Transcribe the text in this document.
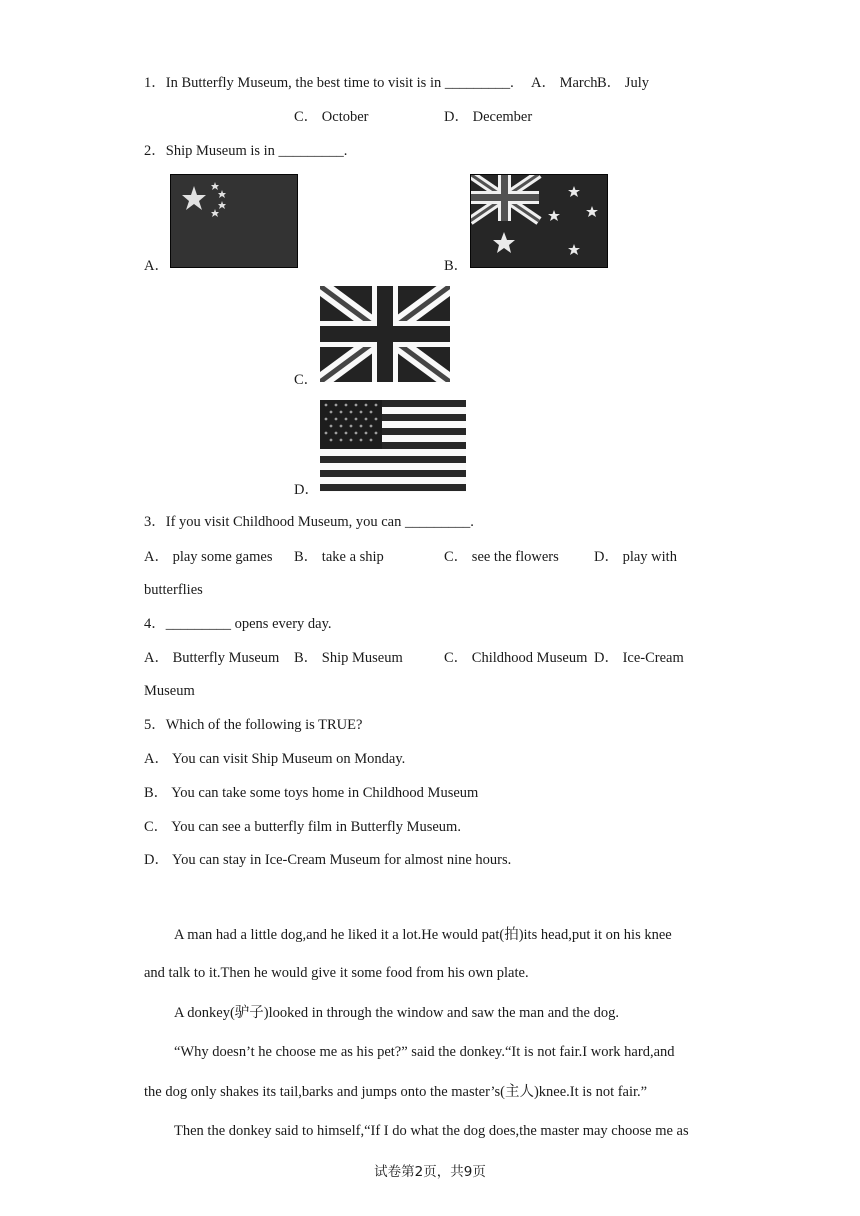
1．In Butterfly Museum, the best time to visit is in _________. A． March B． July
C． October	D． December
2．Ship Museum is in _________.
A．	B．
C．
D．
3．If you visit Childhood Museum, you can _________.
A． play some games B． take a ship	C． see the flowers D． play with
butterflies
4．_________ opens every day.
A． Butterfly Museum B． Ship Museum	C． Childhood Museum D． Ice-Cream
Museum
5．Which of the following is TRUE?
A． You can visit Ship Museum on Monday.
B． You can take some toys home in Childhood Museum
C． You can see a butterfly film in Butterfly Museum.
D． You can stay in Ice-Cream Museum for almost nine hours.
A man had a little dog,and he liked it a lot.He would pat(拍)its head,put it on his knee
and talk to it.Then he would give it some food from his own plate.
A donkey(驴子)looked in through the window and saw the man and the dog.
“Why doesn’t he choose me as his pet?” said the donkey.“It is not fair.I work hard,and
the dog only shakes its tail,barks and jumps onto the master’s(主人)knee.It is not fair.”
Then the donkey said to himself,“If I do what the dog does,the master may choose me as
试卷第2页，共9页
